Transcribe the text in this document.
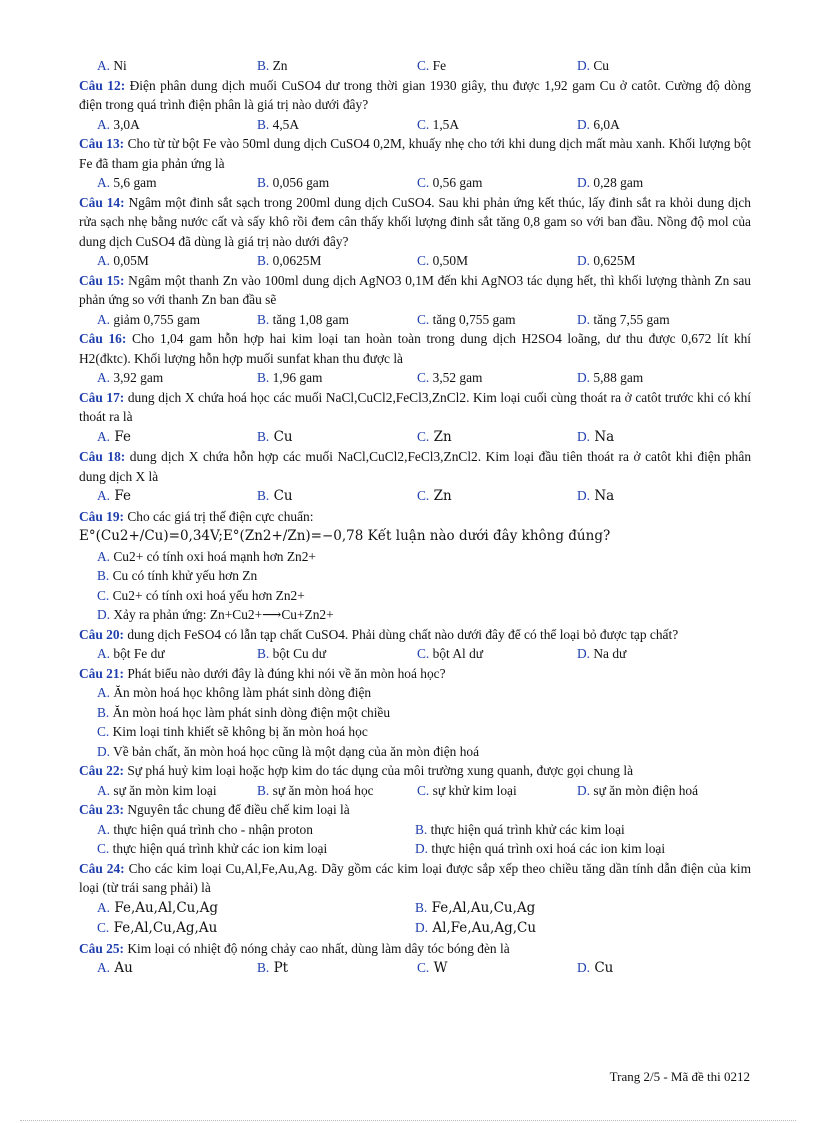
A. Ni	B. Zn	C. Fe	D. Cu

Câu 12: Điện phân dung dịch muối CuSO4 dư trong thời gian 1930 giây, thu được 1,92 gam Cu ở catôt. Cường độ dòng điện trong quá trình điện phân là giá trị nào dưới đây?

A. 3,0A	B. 4,5A	C. 1,5A	D. 6,0A

Câu 13: Cho từ từ bột Fe vào 50ml dung dịch CuSO4 0,2M, khuấy nhẹ cho tới khi dung dịch mất màu xanh. Khối lượng bột Fe đã tham gia phản ứng là

A. 5,6 gam	B. 0,056 gam	C. 0,56 gam	D. 0,28 gam

Câu 14: Ngâm một đinh sắt sạch trong 200ml dung dịch CuSO4. Sau khi phản ứng kết thúc, lấy đinh sắt ra khỏi dung dịch rửa sạch nhẹ bằng nước cất và sấy khô rồi đem cân thấy khối lượng đinh sắt tăng 0,8 gam so với ban đầu. Nồng độ mol của dung dịch CuSO4 đã dùng là giá trị nào dưới đây?

A. 0,05M	B. 0,0625M	C. 0,50M	D. 0,625M

Câu 15: Ngâm một thanh Zn vào 100ml dung dịch AgNO3 0,1M đến khi AgNO3 tác dụng hết, thì khối lượng thành Zn sau phản ứng so với thanh Zn ban đầu sẽ

A. giảm 0,755 gam	B. tăng 1,08 gam	C. tăng 0,755 gam	D. tăng 7,55 gam

Câu 16: Cho 1,04 gam hỗn hợp hai kim loại tan hoàn toàn trong dung dịch H2SO4 loãng, dư thu được 0,672 lít khí H2(đktc). Khối lượng hỗn hợp muối sunfat khan thu được là

A. 3,92 gam	B. 1,96 gam	C. 3,52 gam	D. 5,88 gam

Câu 17: dung dịch X chứa hoá học các muối NaCl,CuCl2,FeCl3,ZnCl2. Kim loại cuối cùng thoát ra ở catôt trước khi có khí thoát ra là

A. Fe	B. Cu	C. Zn	D. Na

Câu 18: dung dịch X chứa hỗn hợp các muối NaCl,CuCl2,FeCl3,ZnCl2. Kim loại đầu tiên thoát ra ở catôt khi điện phân dung dịch X là

A. Fe	B. Cu	C. Zn	D. Na

Câu 19: Cho các giá trị thế điện cực chuẩn:

E°(Cu2+/Cu)=0,34V;E°(Zn2+/Zn)=−0,78 Kết luận nào dưới đây không đúng?

A. Cu2+ có tính oxi hoá mạnh hơn Zn2+
B. Cu có tính khử yếu hơn Zn
C. Cu2+ có tính oxi hoá yếu hơn Zn2+
D. Xảy ra phản ứng: Zn+Cu2+⟶Cu+Zn2+

Câu 20: dung dịch FeSO4 có lẫn tạp chất CuSO4. Phải dùng chất nào dưới đây để có thể loại bỏ được tạp chất?

A. bột Fe dư	B. bột Cu dư	C. bột Al dư	D. Na dư

Câu 21: Phát biểu nào dưới đây là đúng khi nói về ăn mòn hoá học?

A. Ăn mòn hoá học không làm phát sinh dòng điện
B. Ăn mòn hoá học làm phát sinh dòng điện một chiều
C. Kim loại tinh khiết sẽ không bị ăn mòn hoá học
D. Về bản chất, ăn mòn hoá học cũng là một dạng của ăn mòn điện hoá

Câu 22: Sự phá huỷ kim loại hoặc hợp kim do tác dụng của môi trường xung quanh, được gọi chung là

A. sự ăn mòn kim loại	B. sự ăn mòn hoá học	C. sự khử kim loại	D. sự ăn mòn điện hoá

Câu 23: Nguyên tắc chung để điều chế kim loại là

A. thực hiện quá trình cho - nhận proton	B. thực hiện quá trình khử các kim loại
C. thực hiện quá trình khử các ion kim loại	D. thực hiện quá trình oxi hoá các ion kim loại

Câu 24: Cho các kim loại Cu,Al,Fe,Au,Ag. Dãy gồm các kim loại được sắp xếp theo chiều tăng dần tính dẫn điện của kim loại (từ trái sang phải) là

A. Fe,Au,Al,Cu,Ag	B. Fe,Al,Au,Cu,Ag
C. Fe,Al,Cu,Ag,Au	D. Al,Fe,Au,Ag,Cu

Câu 25: Kim loại có nhiệt độ nóng chảy cao nhất, dùng làm dây tóc bóng đèn là

A. Au	B. Pt	C. W	D. Cu
Trang 2/5 - Mã đề thi 0212
